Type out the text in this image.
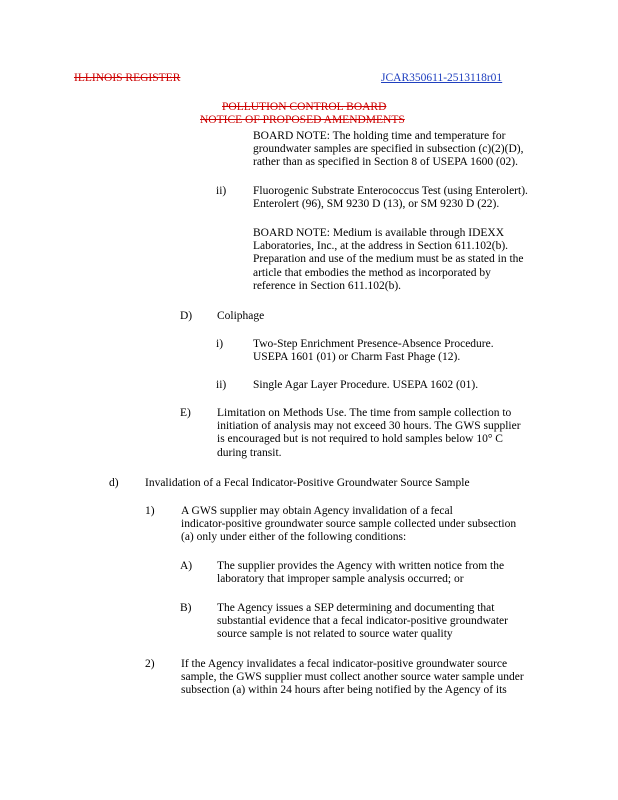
ILLINOIS REGISTER	JCAR350611-2513118r01
POLLUTION CONTROL BOARD
NOTICE OF PROPOSED AMENDMENTS
BOARD NOTE: The holding time and temperature for
groundwater samples are specified in subsection (c)(2)(D),
rather than as specified in Section 8 of USEPA 1600 (02).
ii) Fluorogenic Substrate Enterococcus Test (using Enterolert).
Enterolert (96), SM 9230 D (13), or SM 9230 D (22).
BOARD NOTE: Medium is available through IDEXX
Laboratories, Inc., at the address in Section 611.102(b).
Preparation and use of the medium must be as stated in the
article that embodies the method as incorporated by
reference in Section 611.102(b).
D) Coliphage
i)	Two-Step Enrichment Presence-Absence Procedure.
USEPA 1601 (01) or Charm Fast Phage (12).
ii) Single Agar Layer Procedure. USEPA 1602 (01).
E) Limitation on Methods Use. The time from sample collection to
initiation of analysis may not exceed 30 hours. The GWS supplier
is encouraged but is not required to hold samples below 10° C
during transit.
d) Invalidation of a Fecal Indicator-Positive Groundwater Source Sample
1) A GWS supplier may obtain Agency invalidation of a fecal
indicator-positive groundwater source sample collected under subsection
(a) only under either of the following conditions:
A) The supplier provides the Agency with written notice from the
laboratory that improper sample analysis occurred; or
B) The Agency issues a SEP determining and documenting that
substantial evidence that a fecal indicator-positive groundwater
source sample is not related to source water quality
2) If the Agency invalidates a fecal indicator-positive groundwater source
sample, the GWS supplier must collect another source water sample under
subsection (a) within 24 hours after being notified by the Agency of its
